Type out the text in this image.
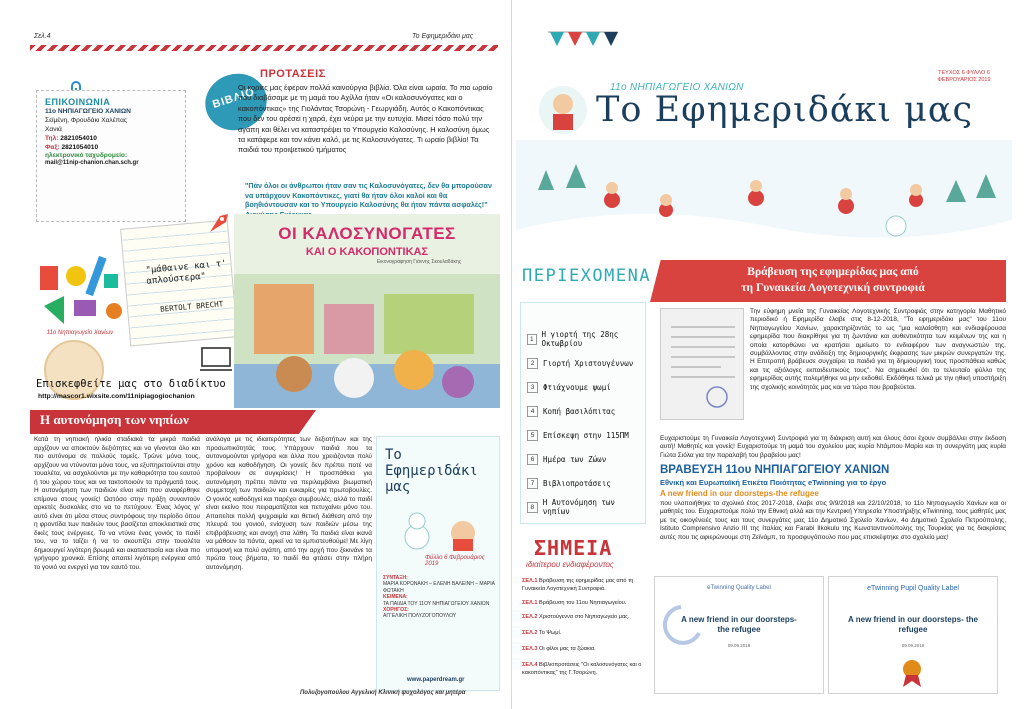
Σελ.4	Το Εφημεριδάκι μας
ΕΠΙΚΟΙΝΩΝΙΑ
11ο ΝΗΠΙΑΓΩΓΕΙΟ ΧΑΝΙΩΝ
Σεϊμένη, Φρουδάκι Χαλέπας
Χανιά
Τηλ: 2821054010
Φαξ: 2821054010
ηλεκτρονικό ταχυδρομείο:
mail@11nip-chanion.chan.sch.gr
ΒΙΒΛΙΟ
ΠΡΟΤΑΣΕΙΣ
Οι κορίες μας έφεραν πολλά καινούργια βιβλία. Όλα είναι ωραία. Το πιο ωραίο που διαβάσαμε με τη μαμά του Αχίλλα ήταν «Οι καλοσυνόγατες και ο κακοπόντικας» της Γιολάντας Τσορώνη - Γεωργιάδη. Αυτός ο Κακοπόντικας που δεν του αρέσει η χαρά, έχει νεύρα με την ευτυχία. Μισεί τόσο πολύ την αγάπη και θέλει να καταστρέψει το Υπουργείο Καλοσύνης. Η καλοσύνη όμως τα κατάφερε και τον κάνει καλό, με τις Καλοσυνόγατες. Τι ωραίο βιβλίο! Τα παιδιά του προιψετικού τμήματος
"Πάν όλοι οι άνθρωποι ήταν σαν τις Καλοσυνόγατες, δεν θα μπορούσαν να υπάρχουν Κακοπόντικες, γιατί θα ήταν όλοι καλοί και θα βοηθιόντουσαν και το Υπουργείο Καλοσύνης θα ήταν πάντα ασφαλές!"
"μάθαινε και τ' απλούστερα"
BERTOLT BRECHT
11ο Νηπιαγωγείο Χανίων
Επισκεφθείτε μας στο διαδίκτυο
http://mascor1.wixsite.com/11nipiagogiochanion
ΟΙ ΚΑΛΟΣΥΝΟΓΑΤΕΣ
ΚΑΙ Ο ΚΑΚΟΠΟΝΤΙΚΑΣ
Εικονογράφηση Γιάννης Σκουλαδάκης
Η αυτονόμηση των νηπίων
Κατά τη νηπιακή ηλικία σταδιακά τα μικρά παιδιά αρχίζουν να αποκτούν δεξιότητες και να γίνονται όλο και πιο αυτόνομα σε πολλούς τομείς. Τρώνε μόνα τους, αρχίζουν να ντύνονται μόνα τους, να εξυπηρετούνται στην τουαλέτα, να ασχολούνται με την καθαριότητα του εαυτού ή του χώρου τους και να τακτοποιούν τα πράγματά τους. Η αυτονόμηση των παιδιών είναι κάτι που αναφέρθηκε επίμονα στους γονείς! Ωστόσο στην πράξη συναντούν αρκετές δυσκολίες στο να το πετύχουν. Ένας λόγος γι' αυτό είναι ότι μέσα στους συντρόφους την περίοδο όπου η φροντίδα των παιδιών τους βασίζεται αποκλειστικά στις δικές τους ενέργειες. Το να ντύνει ένας γονιός το παιδί του, να το ταΐζει ή να το σκουπίζει στην τουαλέτα δημιουργεί λιγότερη βρωμιά και ακαταστασία και είναι πιο γρήγορο χρονικά. Επίσης απαιτεί λιγότερη ενέργεια από το γονιό να ενεργεί για τον εαυτό του.
ανάλογα με τις ιδιαιτερότητες των δεξιοτήτων και της προσωπικότητάς τους. Υπάρχουν παιδιά που τα αυτονομούνται γρήγορα και άλλα που χρειάζονται πολύ χρόνο και καθοδήγηση. Οι γονείς δεν πρέπει ποτέ να προβαίνουν σε συγκρίσεις! Η προσπάθεια για αυτονόμηση πρέπει πάντα να περιλαμβάνει βιωματική συμμετοχή των παιδιών και ευκαιρίες για πρωτοβουλίες. Ο γονιός καθοδηγεί και παρέχει συμβουλές, αλλά το παιδί είναι εκείνο που πειραματίζεται και πετυχαίνει μόνο του. Απαιτείται πολλή ψυχραιμία και θετική διάθεση από την πλευρά του γονιού, ενίσχυση των παιδιών μέσω της επιβράβευσης και ανοχή στα λάθη. Τα παιδιά είναι ικανά να μάθουν τα πάντα, αρκεί να τα εμπιστευθούμε! Με λίγη υπομονή και πολύ αγάπη, από την αρχή που ξεκινάνε τα πρώτα τους βήματα, το παιδί θα φτάσει στην πλήρη αυτονόμηση.
Το
Εφημεριδάκι
μας
Φύλλο 6 Φεβρουάριος 2019
ΣΥΝΤΑΞΗ:
ΜΑΡΙΑ ΚΟΡΩΝΑΚΗ – ΕΛΕΝΗ ΒΑΛΕΙΝΗ – ΜΑΡΙΑ ΦΩΤΑΚΗ
ΚΕΙΜΕΝΑ:
ΤΑ ΠΑΙΔΙΑ ΤΟΥ 11ΟΥ ΝΗΠΙΑΓΩΓΕΙΟΥ ΧΑΝΙΩΝ
ΧΟΡΗΓΟΣ:
ΑΓΓΕΛΙΚΗ ΠΟΛΥΖΟΓΟΠΟΥΛΟΥ
www.paperdream.gr
Πολυζογοπούλου Αγγελική Κλινική ψυχολόγος και μητέρα
11ο ΝΗΠΙΑΓΩΓΕΙΟ ΧΑΝΙΩΝ
Το Εφημεριδάκι μας
ΤΕΥΧΟΣ 6 ΦΥΛΛΟ 6 ΦΕΒΡΟΥΑΡΙΟΣ 2019
ΠΕΡΙΕΧΟΜΕΝΑ
1	Η γιορτή της 28ης Οκτωβρίου
2	Γιορτή Χριστουγέννων
3	Φτιάχνουμε ψωμί
4	Κοπή βασιλόπιτας
5	Επίσκεψη στην 115ΠΜ
6	Ημέρα των Ζώων
7	Βιβλιοπροτάσεις
8	Η Αυτονόμηση των νηπίων
ΣΗΜΕΙΑ
ιδιαίτερου ενδιαφέροντος
ΣΕΛ.1 Βράβευση της εφημερίδας μας από τη Γυναικεία Λογοτεχνική Συντροφιά.
ΣΕΛ.1 Βράβευση του 11ου Νηπιαγωγείου.
ΣΕΛ.2 Χριστούγεννα στο Νηπιαγωγείο μας.
ΣΕΛ.2 Το Ψωμί.
ΣΕΛ.3 Οι φίλοι μας τα ζώακια.
ΣΕΛ.4 Βιβλιοπροτάσεις "Οι καλοσυνόγατες και ο κακοπόντικας" της Γ.Τσορώνη.
Βράβευση της εφημερίδας μας από
τη Γυναικεία Λογοτεχνική συντροφιά
Την εύφημη μνεία της Γυναικείας Λογοτεχνικής Συντροφιάς στην κατηγορία Μαθητικό περιοδικό ή Εφημερίδα έλαβε στις 8-12-2018, "Το εφημεριδάκι μας" του 11ου Νηπιαγωγείου Χανίων, χαρακτηρίζοντάς το ως "μια καλαίσθητη και ενδιαφέρουσα εφημερίδα που διακρίθηκε για τη ζωντάνια και αυθεντικότητα των κειμένων της και η οποία κατορθώνει να κρατήσει αμείωτο το ενδιαφέρον των αναγνωστών της, συμβάλλοντας στην ανάδειξη της δημιουργικής έκφρασης των μικρών συνεργατών της. Η Επιτροπή βράβευσε συγχαίρει τα παιδιά για τη δημιουργική τους προσπάθεια καθώς και τις αξιόλογες εκπαιδευτικούς τους". Να σημειωθεί ότι το τελευταίο φύλλο της εφημερίδας αυτής πολεμήθηκε να μην εκδοθεί. Εκδόθηκε τελικά με την ηθική υποστήριξη της σχολικής κοινότητάς μας και να τώρα που βραβεύεται.
Ευχαριστούμε τη Γυναικεία Λογοτεχνική Συντροφιά για τη διάκριση αυτή και όλους όσοι έχουν συμβάλλει στην έκδοση αυτή! Μαθητές και γονείς! Ευχαριστούμε τη μαμά του σχολείου μας κυρία Ντάμπου Μαρία και τη συνεργάτη μας κυρία Γιώτα Σιόλα για την παραλαβή του βραβείου μας!
ΒΡΑΒΕΥΣΗ 11ου ΝΗΠΙΑΓΩΓΕΙΟΥ ΧΑΝΙΩΝ
Εθνική και Ευρωπαϊκή Ετικέτα Ποιότητας eTwinning για το έργο
A new friend in our doorsteps-the refugee
που υλοποιήθηκε το σχολικό έτος 2017-2018, έλαβε στις 9/9/2018 και 22/10/2018, το 11ο Νηπιαγωγείο Χανίων και οι μαθητές του. Ευχαριστούμε πολύ την Εθνική αλλά και την Κεντρική Υπηρεσία Υποστήριξης eTwinning, τους μαθητές μας με τις οικογένειές τους και τους συνεργάτες μας 11ο Δημοτικό Σχολείο Χανίων, 4ο Δημοτικό Σχολείο Πετρούπολης, Istituto Comprensivo Anzio III της Ιταλίας και Farabi Ilkokulu της Κωνσταντινούπολης της Τουρκίας για τις διακρίσεις αυτές που τις αφιερώνουμε στη Ζεϊνάμπ, το προσφυγόπουλο που μας επισκέφτηκε στο σχολείο μας!
eTwinning Quality Label
A new friend in our doorsteps-
the refugee
09.09.2018
eTwinning Pupil Quality Label
A new friend in our doorsteps- the
refugee
09.09.2019
